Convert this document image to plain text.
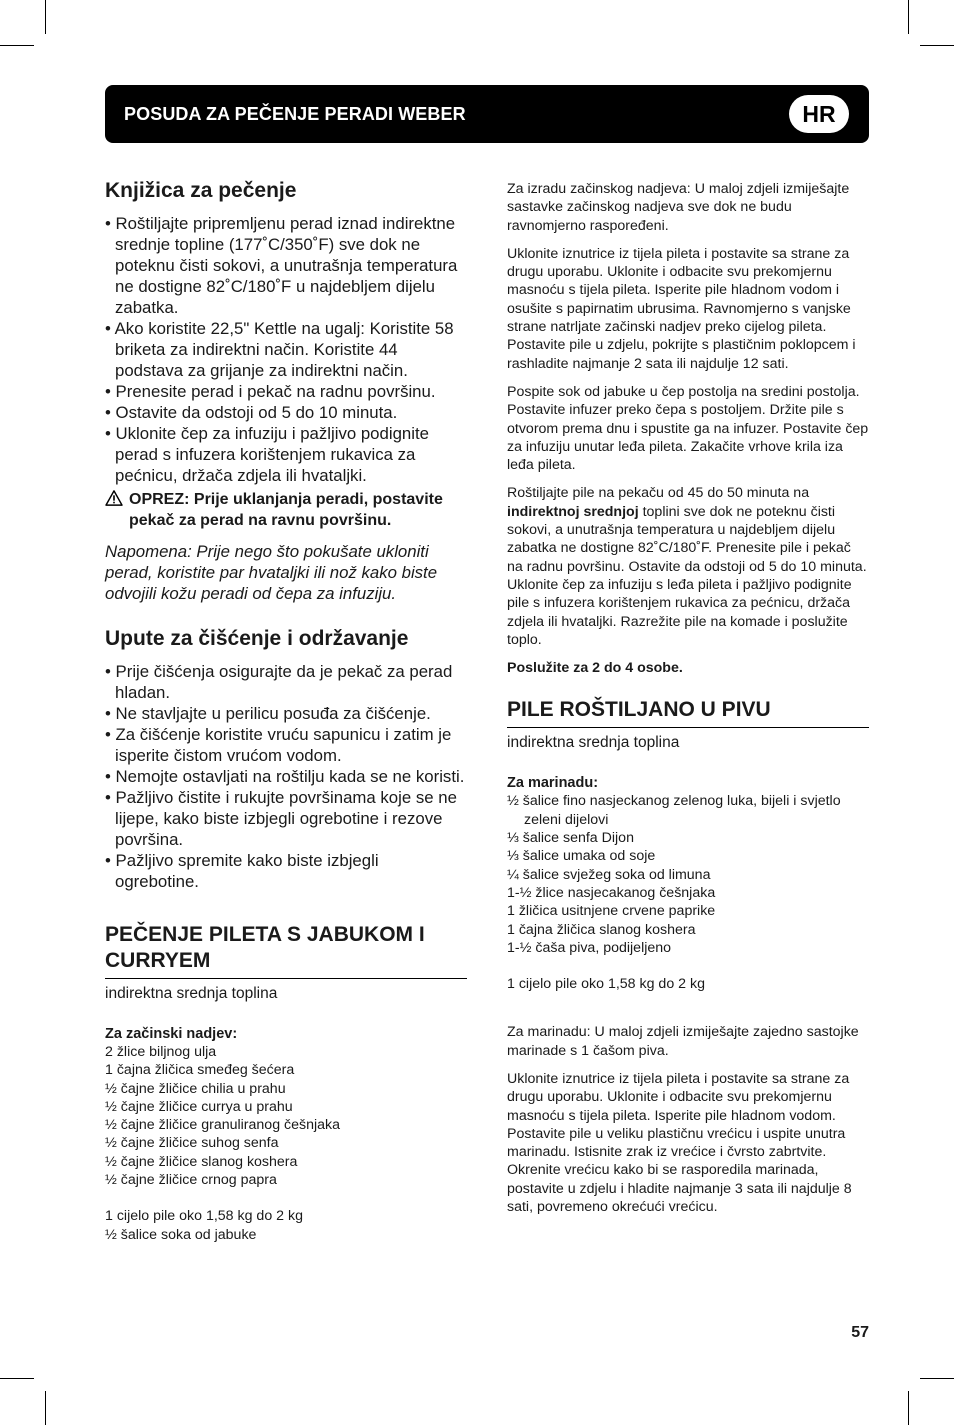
POSUDA ZA PEČENJE PERADI WEBER	HR
Knjižica za pečenje

• Roštiljajte pripremljenu perad iznad indirektne srednje topline (177˚C/350˚F) sve dok ne poteknu čisti sokovi, a unutrašnja temperatura ne dostigne 82˚C/180˚F u najdebljem dijelu zabatka.

• Ako koristite 22,5" Kettle na ugalj: Koristite 58 briketa za indirektni način. Koristite 44 podstava za grijanje za indirektni način.

• Prenesite perad i pekač na radnu površinu.

• Ostavite da odstoji od 5 do 10 minuta.

• Uklonite čep za infuziju i pažljivo podignite perad s infuzera korištenjem rukavica za pećnicu, držača zdjela ili hvataljki.

OPREZ: Prije uklanjanja peradi, postavite pekač za perad na ravnu površinu.

Napomena: Prije nego što pokušate ukloniti perad, koristite par hvataljki ili nož kako biste odvojili kožu peradi od čepa za infuziju.

Upute za čišćenje i održavanje

• Prije čišćenja osigurajte da je pekač za perad hladan.

• Ne stavljajte u perilicu posuđa za čišćenje.

• Za čišćenje koristite vruću sapunicu i zatim je isperite čistom vrućom vodom.

• Nemojte ostavljati na roštilju kada se ne koristi.

• Pažljivo čistite i rukujte površinama koje se ne lijepe, kako biste izbjegli ogrebotine i rezove površina.

• Pažljivo spremite kako biste izbjegli ogrebotine.

PEČENJE PILETA S JABUKOM I CURRYEM
indirektna srednja toplina
Za začinski nadjev:
2 žlice biljnog ulja
1 čajna žličica smeđeg šećera
½ čajne žličice chilia u prahu
½ čajne žličice currya u prahu
½ čajne žličice granuliranog češnjaka
½ čajne žličice suhog senfa
½ čajne žličice slanog koshera
½ čajne žličice crnog papra
1 cijelo pile oko 1,58 kg do 2 kg
½ šalice soka od jabuke

Za izradu začinskog nadjeva: U maloj zdjeli izmiješajte sastavke začinskog nadjeva sve dok ne budu ravnomjerno raspoređeni.

Uklonite iznutrice iz tijela pileta i postavite sa strane za drugu uporabu. Uklonite i odbacite svu prekomjernu masnoću s tijela pileta. Isperite pile hladnom vodom i osušite s papirnatim ubrusima. Ravnomjerno s vanjske strane natrljate začinski nadjev preko cijelog pileta. Postavite pile u zdjelu, pokrijte s plastičnim poklopcem i rashladite najmanje 2 sata ili najdulje 12 sati.

Pospite sok od jabuke u čep postolja na sredini postolja. Postavite infuzer preko čepa s postoljem. Držite pile s otvorom prema dnu i spustite ga na infuzer. Postavite čep za infuziju unutar leđa pileta. Zakačite vrhove krila iza leđa pileta.

Roštiljajte pile na pekaču od 45 do 50 minuta na indirektnoj srednjoj toplini sve dok ne poteknu čisti sokovi, a unutrašnja temperatura u najdebljem dijelu zabatka ne dostigne 82˚C/180˚F. Prenesite pile i pekač na radnu površinu. Ostavite da odstoji od 5 do 10 minuta. Uklonite čep za infuziju s leđa pileta i pažljivo podignite pile s infuzera korištenjem rukavica za pećnicu, držača zdjela ili hvataljki. Razrežite pile na komade i poslužite toplo.

Poslužite za 2 do 4 osobe.

PILE ROŠTILJANO U PIVU
indirektna srednja toplina
Za marinadu:
½ šalice fino nasjeckanog zelenog luka, bijeli i svjetlo zeleni dijelovi
⅓ šalice senfa Dijon
⅓ šalice umaka od soje
¼ šalice svježeg soka od limuna
1-½ žlice nasjecakanog češnjaka
1 žličica usitnjene crvene paprike
1 čajna žličica slanog koshera
1-½ čaša piva, podijeljeno
1 cijelo pile oko 1,58 kg do 2 kg

Za marinadu: U maloj zdjeli izmiješajte zajedno sastojke marinade s 1 čašom piva.

Uklonite iznutrice iz tijela pileta i postavite sa strane za drugu uporabu. Uklonite i odbacite svu prekomjernu masnoću s tijela pileta. Isperite pile hladnom vodom. Postavite pile u veliku plastičnu vrećicu i uspite unutra marinadu. Istisnite zrak iz vrećice i čvrsto zabrtvite. Okrenite vrećicu kako bi se rasporedila marinada, postavite u zdjelu i hladite najmanje 3 sata ili najdulje 8 sati, povremeno okrećući vrećicu.

57
